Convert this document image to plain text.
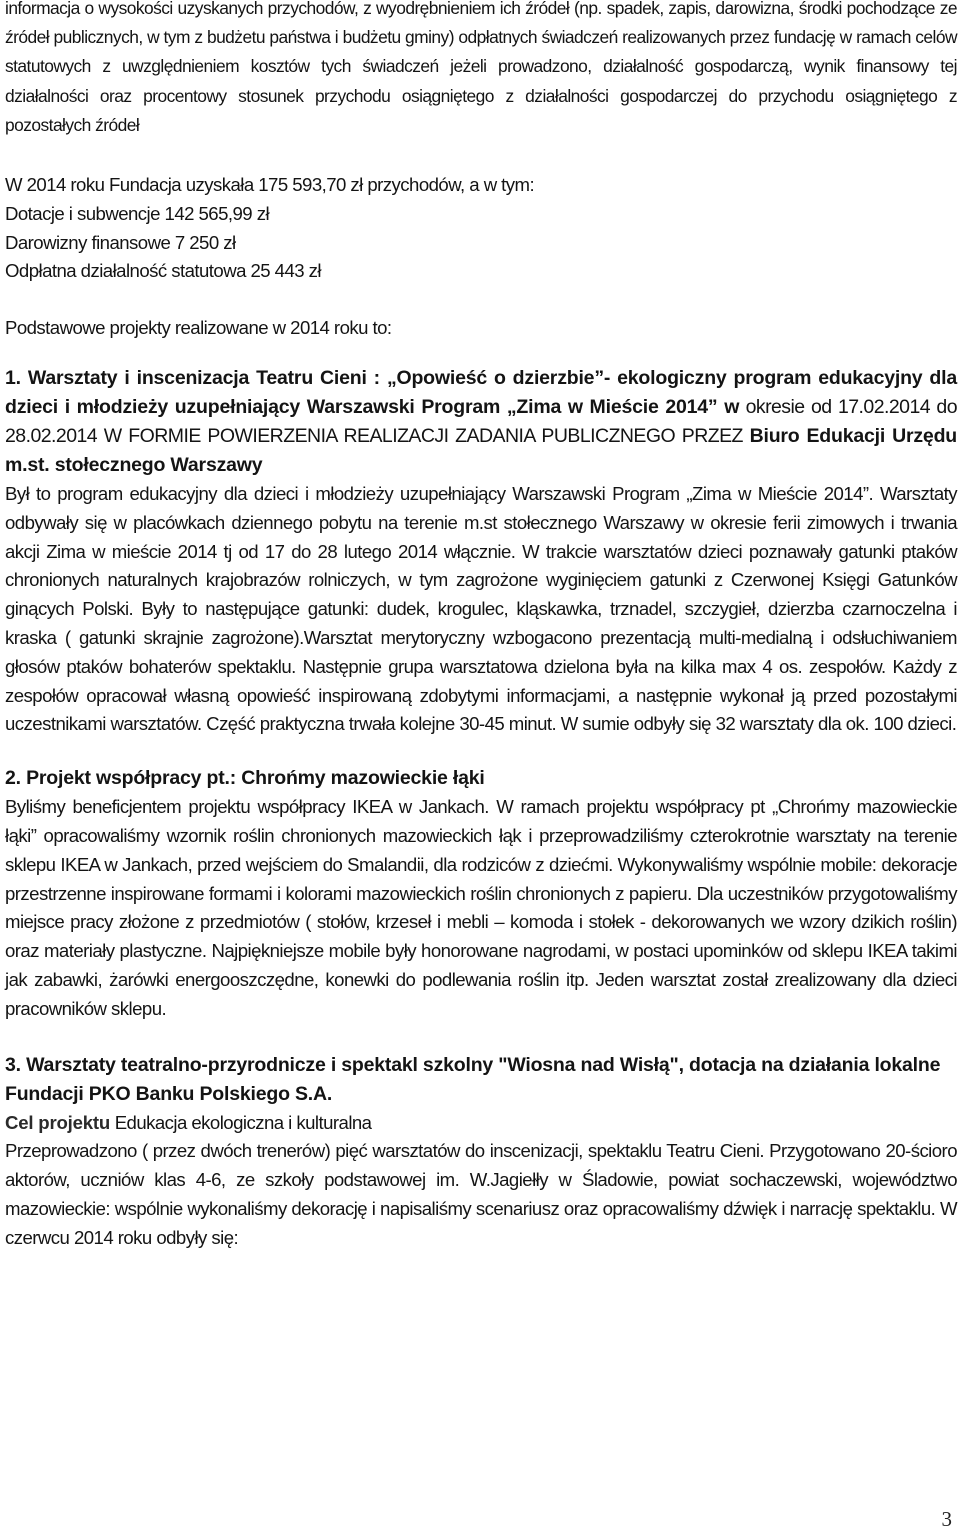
informacja o wysokości uzyskanych przychodów, z wyodrębnieniem ich źródeł (np. spadek, zapis, darowizna, środki pochodzące ze źródeł publicznych, w tym z budżetu państwa i budżetu gminy) odpłatnych świadczeń realizowanych przez fundację w ramach celów statutowych z uwzględnieniem kosztów tych świadczeń jeżeli prowadzono, działalność gospodarczą, wynik finansowy tej działalności oraz procentowy stosunek przychodu osiągniętego z działalności gospodarczej do przychodu osiągniętego z pozostałych źródeł

W 2014 roku Fundacja uzyskała 175 593,70 zł przychodów, a w tym:

Dotacje i subwencje 142 565,99 zł

Darowizny finansowe 7 250 zł

Odpłatna działalność statutowa 25 443 zł

Podstawowe projekty realizowane w 2014 roku to:

1. Warsztaty i inscenizacja Teatru Cieni : „Opowieść o dzierzbie”- ekologiczny program edukacyjny dla dzieci i młodzieży uzupełniający Warszawski Program „Zima w Mieście 2014” w okresie od 17.02.2014 do 28.02.2014 W FORMIE POWIERZENIA REALIZACJI ZADANIA PUBLICZNEGO PRZEZ Biuro Edukacji Urzędu m.st. stołecznego Warszawy

Był to program edukacyjny dla dzieci i młodzieży uzupełniający Warszawski Program „Zima w Mieście 2014”. Warsztaty odbywały się w placówkach dziennego pobytu na terenie m.st stołecznego Warszawy w okresie ferii zimowych i trwania akcji Zima w mieście 2014 tj od 17 do 28 lutego 2014 włącznie. W trakcie warsztatów dzieci poznawały gatunki ptaków chronionych naturalnych krajobrazów rolniczych, w tym zagrożone wyginięciem gatunki z Czerwonej Księgi Gatunków ginących Polski. Były to następujące gatunki: dudek, krogulec, kląskawka, trznadel, szczygieł, dzierzba czarnoczelna i kraska ( gatunki skrajnie zagrożone).Warsztat merytoryczny wzbogacono prezentacją multi-medialną i odsłuchiwaniem głosów ptaków bohaterów spektaklu. Następnie grupa warsztatowa dzielona była na kilka max 4 os. zespołów. Każdy z zespołów opracował własną opowieść inspirowaną zdobytymi informacjami, a następnie wykonał ją przed pozostałymi uczestnikami warsztatów. Część praktyczna trwała kolejne 30-45 minut. W sumie odbyły się 32 warsztaty dla ok. 100 dzieci.

2. Projekt współpracy pt.: Chrońmy mazowieckie łąki

Byliśmy beneficjentem projektu współpracy IKEA w Jankach. W ramach projektu współpracy pt „Chrońmy mazowieckie łąki” opracowaliśmy wzornik roślin chronionych mazowieckich łąk i przeprowadziliśmy czterokrotnie warsztaty na terenie sklepu IKEA w Jankach, przed wejściem do Smalandii, dla rodziców z dziećmi. Wykonywaliśmy wspólnie mobile: dekoracje przestrzenne inspirowane formami i kolorami mazowieckich roślin chronionych z papieru. Dla uczestników przygotowaliśmy miejsce pracy złożone z przedmiotów ( stołów, krzeseł i mebli – komoda i stołek - dekorowanych we wzory dzikich roślin) oraz materiały plastyczne. Najpiękniejsze mobile były honorowane nagrodami, w postaci upominków od sklepu IKEA takimi jak zabawki, żarówki energooszczędne, konewki do podlewania roślin itp. Jeden warsztat został zrealizowany dla dzieci pracowników sklepu.

3. Warsztaty teatralno-przyrodnicze i spektakl szkolny "Wiosna nad Wisłą", dotacja na działania lokalne Fundacji PKO Banku Polskiego S.A.

Cel projektu Edukacja ekologiczna i kulturalna

Przeprowadzono ( przez dwóch trenerów) pięć warsztatów do inscenizacji, spektaklu Teatru Cieni. Przygotowano 20-ścioro aktorów, uczniów klas 4-6, ze szkoły podstawowej im. W.Jagiełły w Śladowie, powiat sochaczewski, województwo mazowieckie: wspólnie wykonaliśmy dekorację i napisaliśmy scenariusz oraz opracowaliśmy dźwięk i narrację spektaklu. W czerwcu 2014 roku odbyły się:

3
